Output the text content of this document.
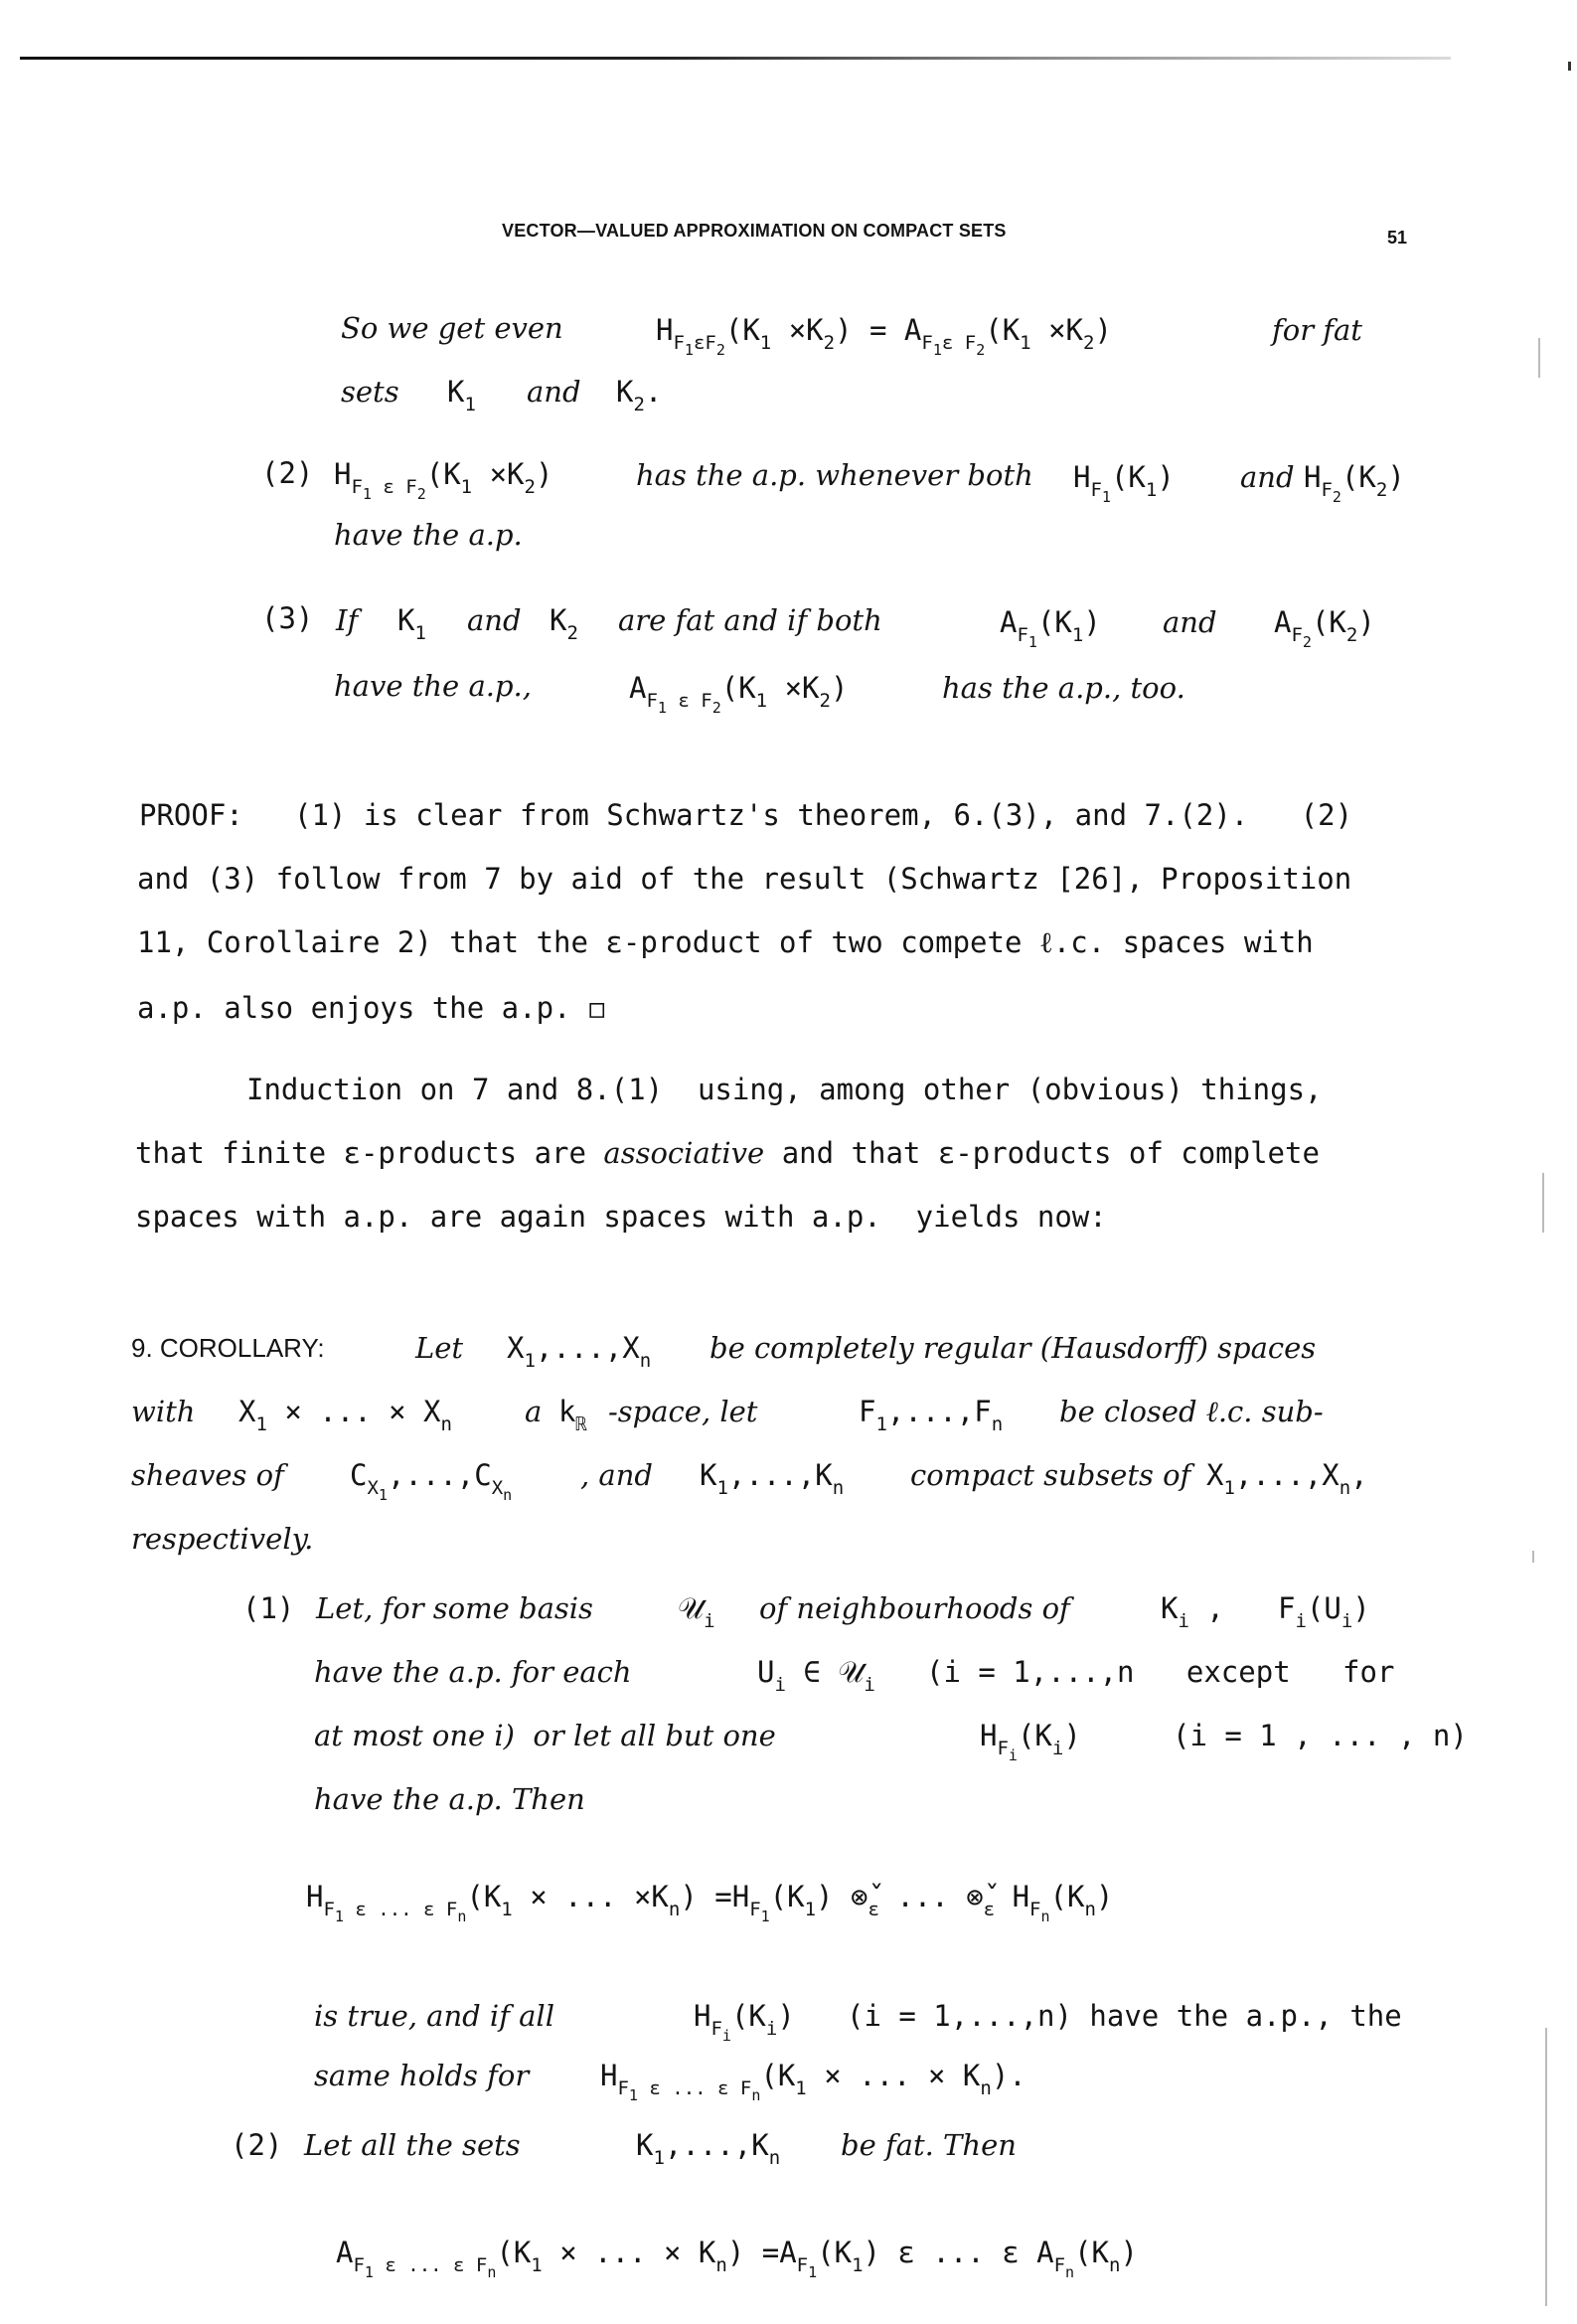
VECTOR—VALUED APPROXIMATION ON COMPACT SETS	51
So we get even	$H_{F_1\varepsilon F_2}(K_1 \times K_2) = A_{F_1\varepsilon F_2}(K_1 \times K_2)$	for fat
sets $K_1$ and $K_2$.
(2) $H_{F_1 \varepsilon F_2}(K_1 \times K_2)$	has the a.p. whenever both $H_{F_1}(K_1)$ and $H_{F_2}(K_2)$
have the a.p.
(3) If $K_1$ and $K_2$ are fat and if both	$A_{F_1}(K_1)$ and $A_{F_2}(K_2)$
have the a.p.,	$A_{F_1 \varepsilon F_2}(K_1 \times K_2)$	has the a.p., too.
PROOF: (1) is clear from Schwartz's theorem, 6.(3), and 7.(2).   (2)
and (3) follow from 7 by aid of the result (Schwartz [26], Proposition
11, Corollaire 2) that the ε-product of two compete ℓ.c. spaces with
a.p. also enjoys the a.p. ◻
Induction on 7 and 8.(1)  using, among other (obvious) things,
that finite ε-products are associative and that ε-products of complete
spaces with a.p. are again spaces with a.p.  yields now:
9. COROLLARY:	Let $X_1,...,X_n$ be completely regular (Hausdorff) spaces
with $X_1$ × ... × $X_n$	a $k_ℝ$ -space, let	$F_1,...,F_n$ be closed ℓ.c. sub-
sheaves of $C_{X_1},...,C_{X_n}$
, and $K_1,...,K_n$ compact subsets of $X_1,...,X_n$,
respectively.
(1) Let, for some basis	𝒰$_i$ of neighbourhoods of	$K_i$ , $F_i(U_i)$
have the a.p. for each	$U_i$ ∈ 𝒰$_i$ (i = 1,...,n   except   for
at most one i)  or let all but one	$H_{F_i}(K_i)$	(i = 1 , ... , n)
have the a.p. Then
$H_{F_1 \varepsilon ... \varepsilon F_n}(K_1$ × ... $\times K_n) =H_{F_1}(K_1)$ $\otimeš_\varepsilon$ ... $\otimeš_\varepsilon$ $H_{F_n}(K_n)$
is true, and if all	$H_{F_i}(K_i) (i = 1,...,n)$ have the a.p., the
same holds for $H_{F_1 \varepsilon ... \varepsilon F_n}(K_1$ × ... × $K_n$).
(2) Let all the sets	$K_1,...,K_n$ be fat. Then
$A_{F_1 \varepsilon ... \varepsilon F_n}(K_1$ × ... × $K_n) =A_{F_1}(K_1)$ ε ... ε $A_{F_n}(K_n)$
